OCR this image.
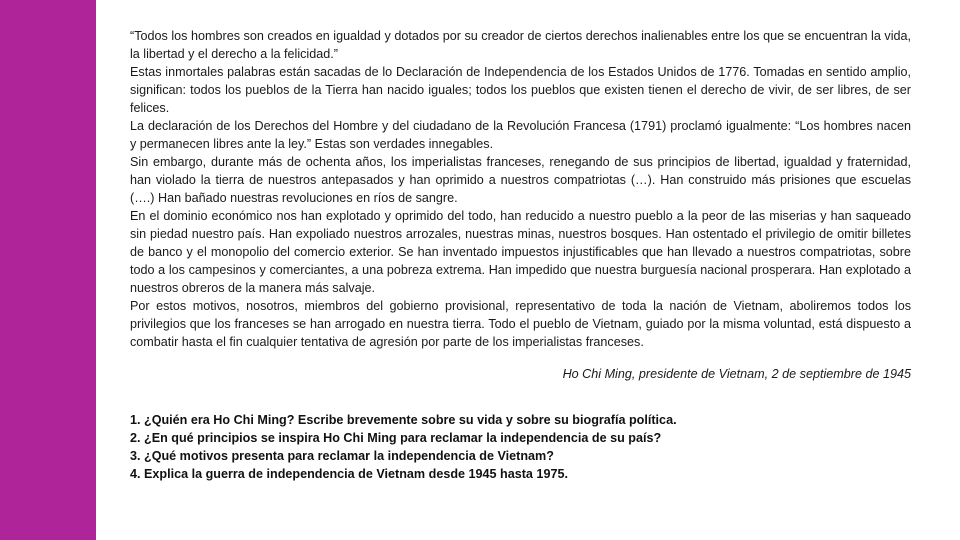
“Todos los hombres son creados en igualdad y dotados por su creador de ciertos derechos inalienables entre los que se encuentran la vida, la libertad y el derecho a la felicidad.”

Estas inmortales palabras están sacadas de lo Declaración de Independencia de los Estados Unidos de 1776. Tomadas en sentido amplio, significan: todos los pueblos de la Tierra han nacido iguales; todos los pueblos que existen tienen el derecho de vivir, de ser libres, de ser felices.

La declaración de los Derechos del Hombre y del ciudadano de la Revolución Francesa (1791) proclamó igualmente: “Los hombres nacen y permanecen libres ante la ley.” Estas son verdades innegables.

Sin embargo, durante más de ochenta años, los imperialistas franceses, renegando de sus principios de libertad, igualdad y fraternidad, han violado la tierra de nuestros antepasados y han oprimido a nuestros compatriotas (…). Han construido más prisiones que escuelas (….) Han bañado nuestras revoluciones en ríos de sangre.

En el dominio económico nos han explotado y oprimido del todo, han reducido a nuestro pueblo a la peor de las miserias y han saqueado sin piedad nuestro país. Han expoliado nuestros arrozales, nuestras minas, nuestros bosques. Han ostentado el privilegio de omitir billetes de banco y el monopolio del comercio exterior. Se han inventado impuestos injustificables que han llevado a nuestros compatriotas, sobre todo a los campesinos y comerciantes, a una pobreza extrema. Han impedido que nuestra burguesía nacional prosperara. Han explotado a nuestros obreros de la manera más salvaje.

Por estos motivos, nosotros, miembros del gobierno provisional, representativo de toda la nación de Vietnam, aboliremos todos los privilegios que los franceses se han arrogado en nuestra tierra. Todo el pueblo de Vietnam, guiado por la misma voluntad, está dispuesto a combatir hasta el fin cualquier tentativa de agresión por parte de los imperialistas franceses.

Ho Chi Ming, presidente de Vietnam, 2 de septiembre de 1945

1. ¿Quién era Ho Chi Ming? Escribe brevemente sobre su vida y sobre su biografía política.
2. ¿En qué principios se inspira Ho Chi Ming para reclamar la independencia de su país?
3. ¿Qué motivos presenta para reclamar la independencia de Vietnam?
4. Explica la guerra de independencia de Vietnam desde 1945 hasta 1975.
